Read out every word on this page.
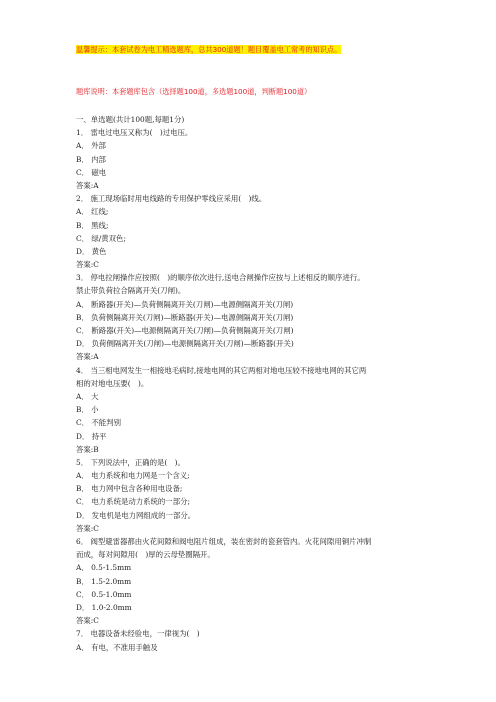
温馨提示：本套试卷为电工精选题库，总共300道题！题目覆盖电工常考的知识点。
题库说明：本套题库包含（选择题100道，多选题100道，判断题100道）
一、单选题(共计100题,每题1分)
1． 雷电过电压又称为(　)过电压。
A． 外部
B． 内部
C． 磁电
答案:A
2． 施工现场临时用电线路的专用保护零线应采用(　)线。
A． 红线;
B． 黑线;
C． 绿/黄双色;
D． 黄色
答案:C
3． 停电拉闸操作应按照(　)的顺序依次进行,送电合闸操作应按与上述相反的顺序进行。
禁止带负荷拉合隔离开关(刀闸)。
A． 断路器(开关)—负荷侧隔离开关(刀闸)—电源侧隔离开关(刀闸)
B． 负荷侧隔离开关(刀闸)—断路器(开关)—电源侧隔离开关(刀闸)
C． 断路器(开关)—电源侧隔离开关(刀闸)—负荷侧隔离开关(刀闸)
D． 负荷侧隔离开关(刀闸)—电源侧隔离开关(刀闸)—断路器(开关)
答案:A
4． 当三相电网发生一相接地毛病时,接地电网的其它两相对地电压较不接地电网的其它两
相的对地电压要(　)。
A． 大
B． 小
C． 不能判别
D． 持平
答案:B
5． 下列说法中，正确的是(　)。
A． 电力系统和电力网是一个含义;
B． 电力网中包含各种用电设备;
C． 电力系统是动力系统的一部分;
D． 发电机是电力网组成的一部分。
答案:C
6． 阀型避雷器都由火花间隙和阀电阻片组成，装在密封的瓷套管内。火花间隙用铜片冲制
而成，每对间隙用(　)厚的云母垫圈隔开。
A． 0.5-1.5mm
B． 1.5-2.0mm
C． 0.5-1.0mm
D． 1.0-2.0mm
答案:C
7． 电器设备未经验电，一律视为(　)
A． 有电，不准用手触及
